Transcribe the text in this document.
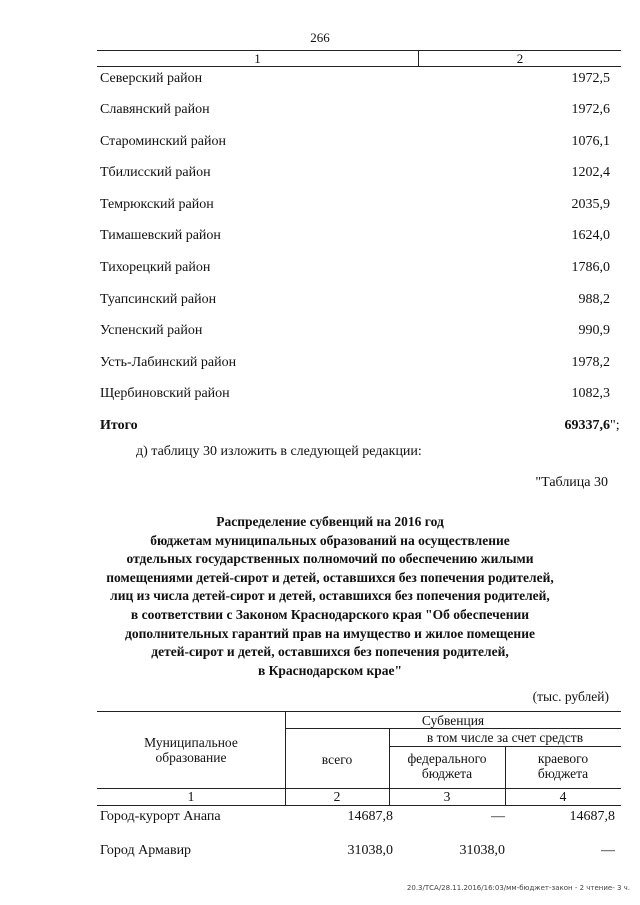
266
1	2
Северский район	1972,5
Славянский район	1972,6
Староминский район	1076,1
Тбилисский район	1202,4
Темрюкский район	2035,9
Тимашевский район	1624,0
Тихорецкий район	1786,0
Туапсинский район	988,2
Успенский район	990,9
Усть-Лабинский район	1978,2
Щербиновский район	1082,3
Итого	69337,6 ";
д) таблицу 30 изложить в следующей редакции:
"Таблица 30
Распределение субвенций на 2016 год
бюджетам муниципальных образований на осуществление
отдельных государственных полномочий по обеспечению жилыми
помещениями детей-сирот и детей, оставшихся без попечения родителей,
лиц из числа детей-сирот и детей, оставшихся без попечения родителей,
в соответствии с Законом Краснодарского края "Об обеспечении
дополнительных гарантий прав на имущество и жилое помещение
детей-сирот и детей, оставшихся без попечения родителей,
в Краснодарском крае"
(тыс. рублей)
Муниципальное
образование
Субвенция
всего
в том числе за счет средств
федерального
бюджета
краевого
бюджета
1	2	3	4
Город-курорт Анапа	14687,8	—	14687,8
Город Армавир	31038,0	31038,0	—
20.3/ТСА/28.11.2016/16:03/мм-бюджет-закон - 2 чтение- 3 ч.
